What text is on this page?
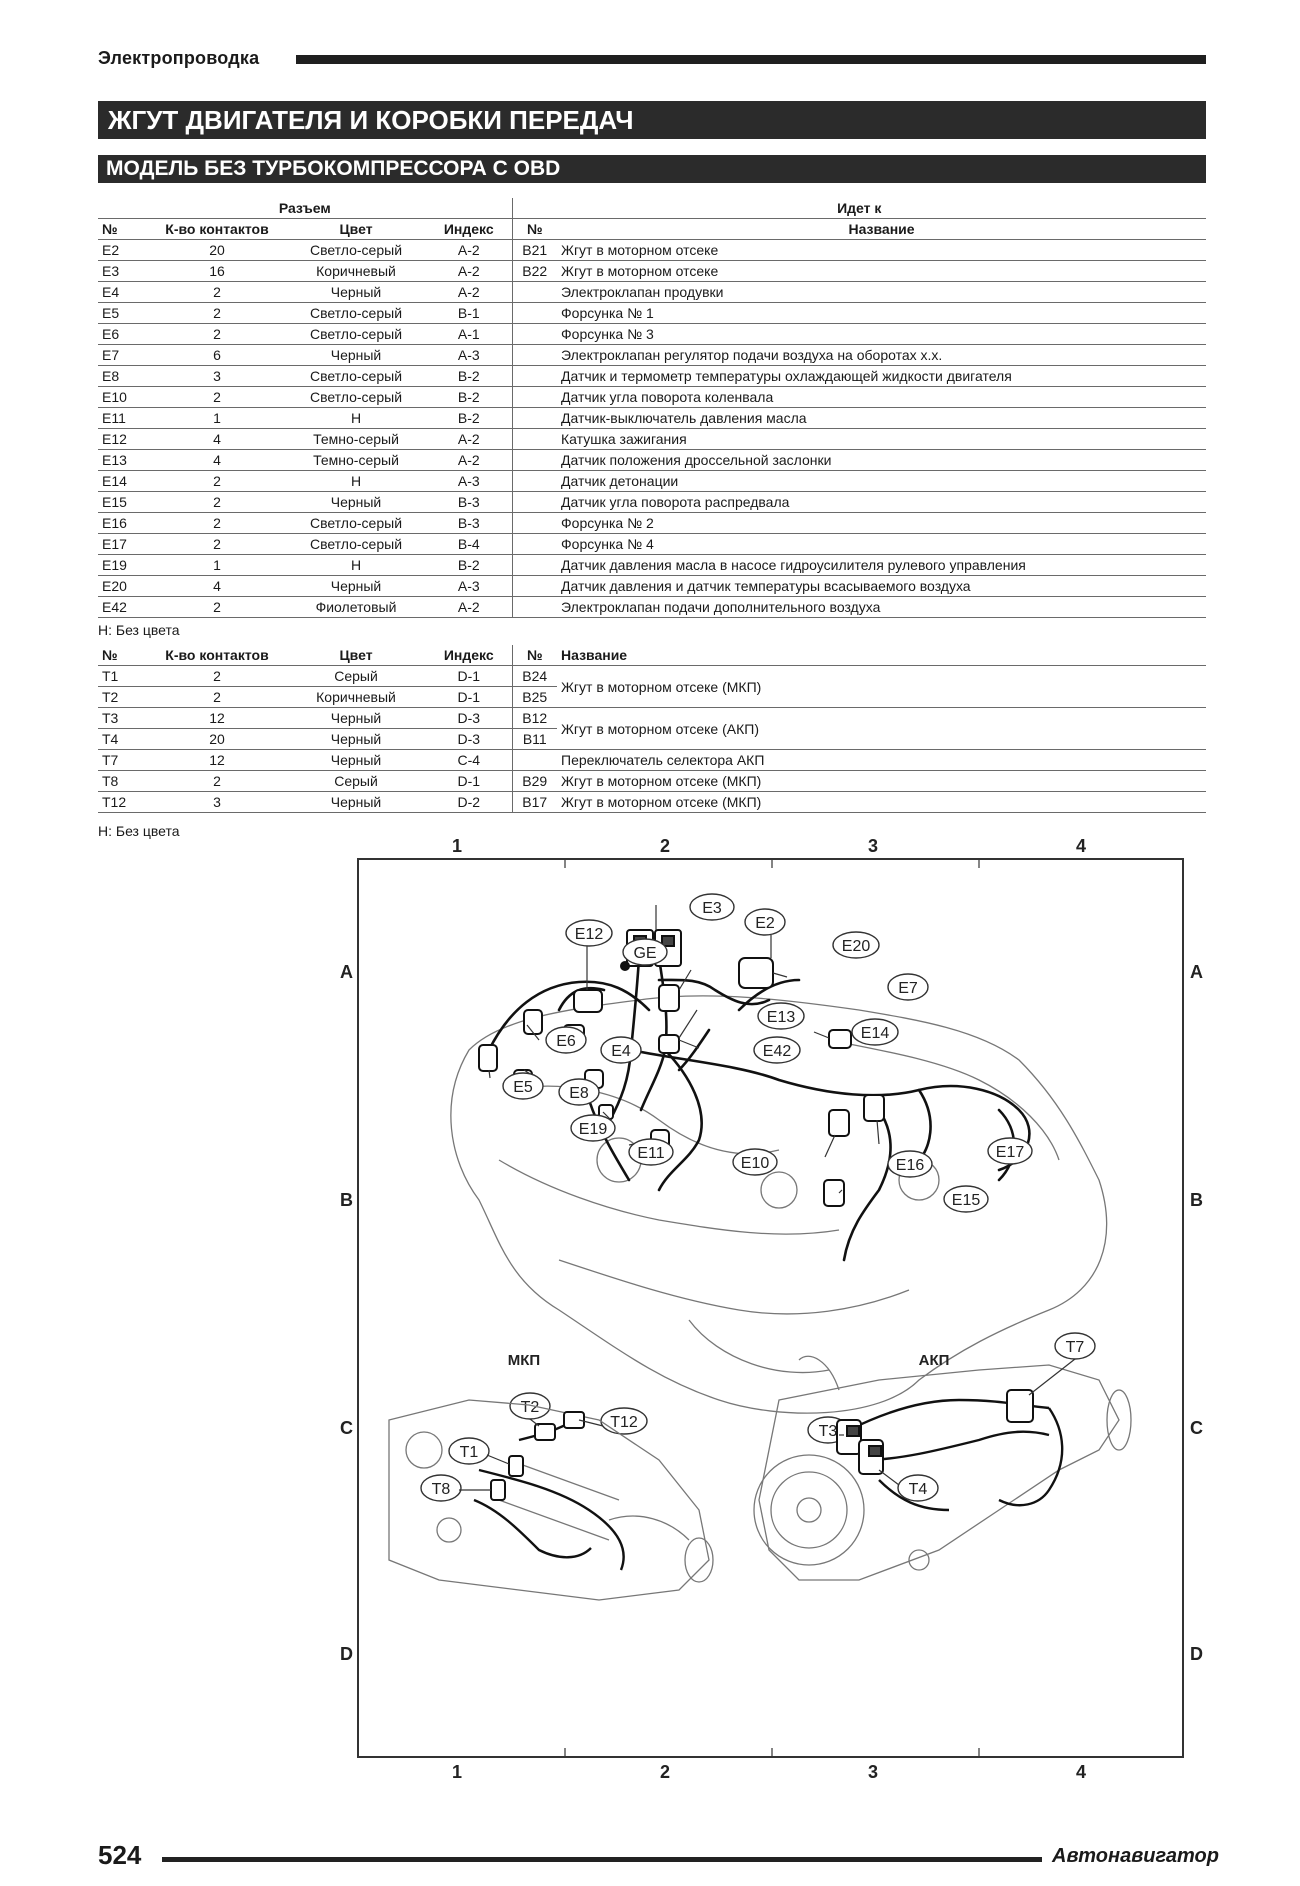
Электропроводка
ЖГУТ ДВИГАТЕЛЯ И КОРОБКИ ПЕРЕДАЧ
МОДЕЛЬ БЕЗ ТУРБОКОМПРЕССОРА С OBD
Разъем				Идет к	
№	К-во контактов	Цвет	Индекс	№	Название
E2	20	Светло-серый	A-2	B21	Жгут в моторном отсеке
E3	16	Коричневый	A-2	B22	Жгут в моторном отсеке
E4	2	Черный	A-2		Электроклапан продувки
E5	2	Светло-серый	B-1		Форсунка № 1
E6	2	Светло-серый	A-1		Форсунка № 3
E7	6	Черный	A-3		Электроклапан регулятор подачи воздуха на оборотах х.х.
E8	3	Светло-серый	B-2		Датчик и термометр температуры охлаждающей жидкости двигателя
E10	2	Светло-серый	B-2		Датчик угла поворота коленвала
E11	1	H	B-2		Датчик-выключатель давления масла
E12	4	Темно-серый	A-2		Катушка зажигания
E13	4	Темно-серый	A-2		Датчик положения дроссельной заслонки
E14	2	H	A-3		Датчик детонации
E15	2	Черный	B-3		Датчик угла поворота распредвала
E16	2	Светло-серый	B-3		Форсунка № 2
E17	2	Светло-серый	B-4		Форсунка № 4
E19	1	H	B-2		Датчик давления масла в насосе гидроусилителя рулевого управления
E20	4	Черный	A-3		Датчик давления и датчик температуры всасываемого воздуха
E42	2	Фиолетовый	A-2		Электроклапан подачи дополнительного воздуха
H: Без цвета
№	К-во контактов	Цвет	Индекс	№	Название
T1	2	Серый	D-1	B24	Жгут в моторном отсеке (МКП)
T2	2	Коричневый	D-1	B25	
T3	12	Черный	D-3	B12	Жгут в моторном отсеке (АКП)
T4	20	Черный	D-3	B11	
T7	12	Черный	C-4		Переключатель селектора АКП
T8	2	Серый	D-1	B29	Жгут в моторном отсеке (МКП)
T12	3	Черный	D-2	B17	Жгут в моторном отсеке (МКП)
H: Без цвета
1	2	3	4
1	2	3	4
A
B
C
D
A
B
C
D
E3
E2
E12
GE	E20
E7
E13
E14
E6
E4	E42
E5 E8
E19
E11
E10	E16
E17
E15
T7
T2
T12
T1
T8
T3
T4
МКП	АКП
524	Автонавигатор
